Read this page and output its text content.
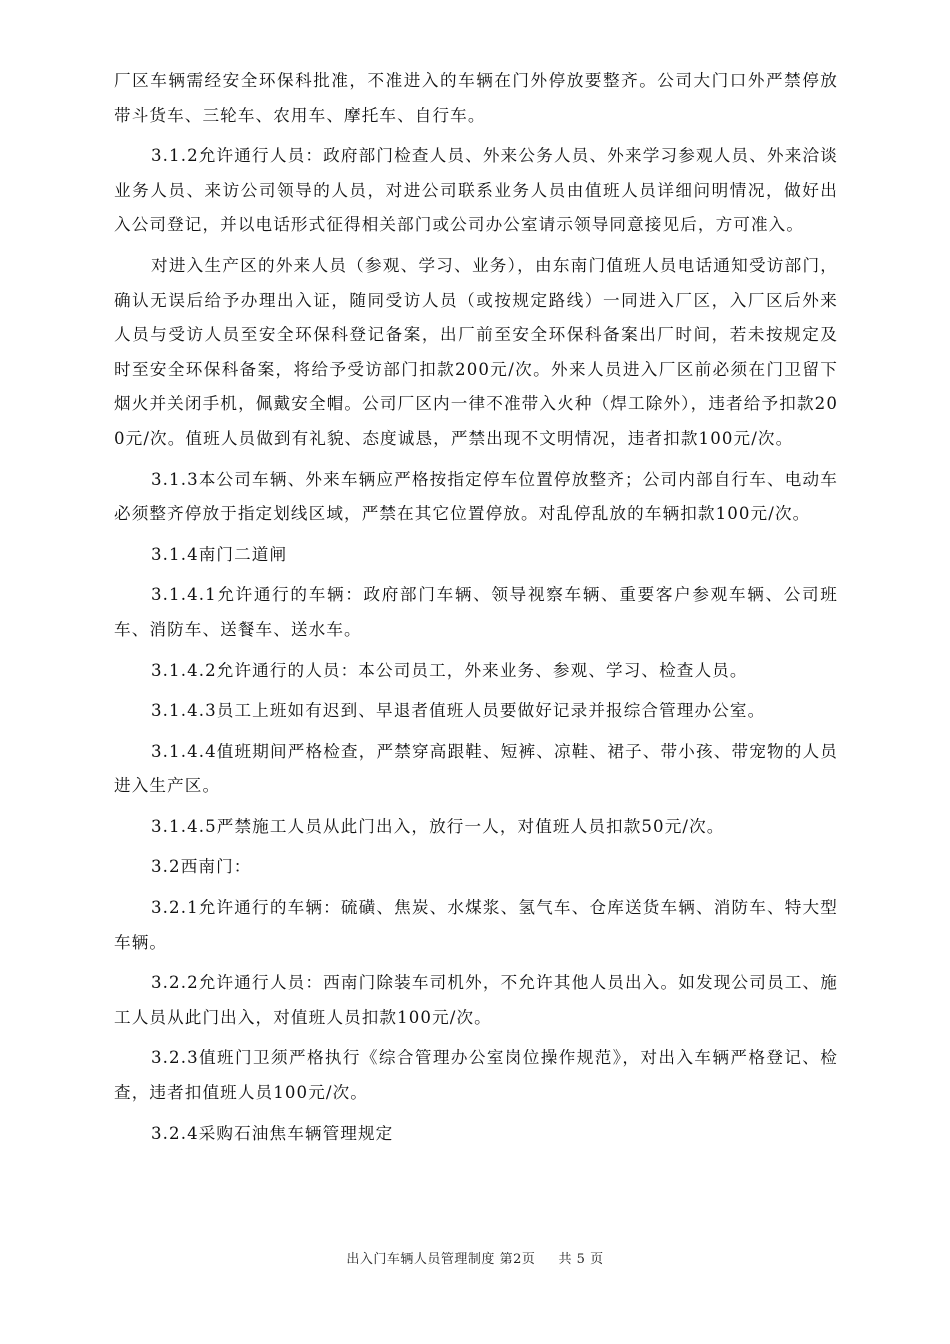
厂区车辆需经安全环保科批准，不准进入的车辆在门外停放要整齐。公司大门口外严禁停放带斗货车、三轮车、农用车、摩托车、自行车。

3.1.2允许通行人员：政府部门检查人员、外来公务人员、外来学习参观人员、外来洽谈业务人员、来访公司领导的人员，对进公司联系业务人员由值班人员详细问明情况，做好出入公司登记，并以电话形式征得相关部门或公司办公室请示领导同意接见后，方可准入。

对进入生产区的外来人员（参观、学习、业务），由东南门值班人员电话通知受访部门，确认无误后给予办理出入证，随同受访人员（或按规定路线）一同进入厂区，入厂区后外来人员与受访人员至安全环保科登记备案，出厂前至安全环保科备案出厂时间，若未按规定及时至安全环保科备案，将给予受访部门扣款200元/次。外来人员进入厂区前必须在门卫留下烟火并关闭手机，佩戴安全帽。公司厂区内一律不准带入火种（焊工除外），违者给予扣款200元/次。值班人员做到有礼貌、态度诚恳，严禁出现不文明情况，违者扣款100元/次。

3.1.3本公司车辆、外来车辆应严格按指定停车位置停放整齐；公司内部自行车、电动车必须整齐停放于指定划线区域，严禁在其它位置停放。对乱停乱放的车辆扣款100元/次。

3.1.4南门二道闸

3.1.4.1允许通行的车辆：政府部门车辆、领导视察车辆、重要客户参观车辆、公司班车、消防车、送餐车、送水车。

3.1.4.2允许通行的人员：本公司员工，外来业务、参观、学习、检查人员。

3.1.4.3员工上班如有迟到、早退者值班人员要做好记录并报综合管理办公室。

3.1.4.4值班期间严格检查，严禁穿高跟鞋、短裤、凉鞋、裙子、带小孩、带宠物的人员进入生产区。

3.1.4.5严禁施工人员从此门出入，放行一人，对值班人员扣款50元/次。

3.2西南门：

3.2.1允许通行的车辆：硫磺、焦炭、水煤浆、氢气车、仓库送货车辆、消防车、特大型车辆。

3.2.2允许通行人员：西南门除装车司机外，不允许其他人员出入。如发现公司员工、施工人员从此门出入，对值班人员扣款100元/次。

3.2.3值班门卫须严格执行《综合管理办公室岗位操作规范》，对出入车辆严格登记、检查，违者扣值班人员100元/次。

3.2.4采购石油焦车辆管理规定

出入门车辆人员管理制度 第2页 共 5 页
